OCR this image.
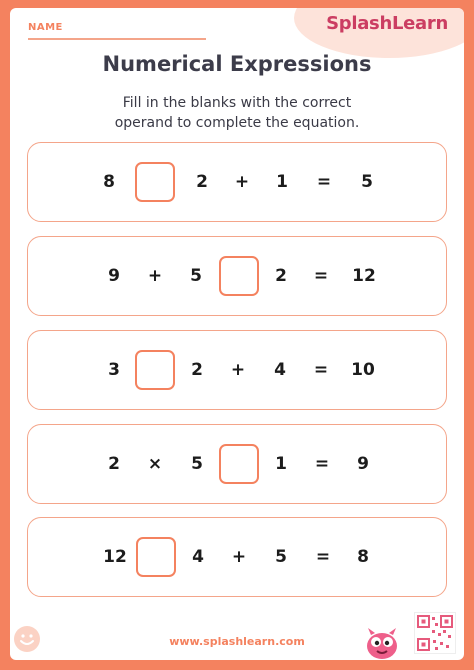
NAME	SplashLearn
Numerical Expressions
Fill in the blanks with the correct
operand to complete the equation.
8	2 + 1 = 5
9 + 5	2 = 12
3	2 + 4 = 10
2 × 5	1 = 9
12	4 + 5 = 8
★ ★ ★	www.splashlearn.com
